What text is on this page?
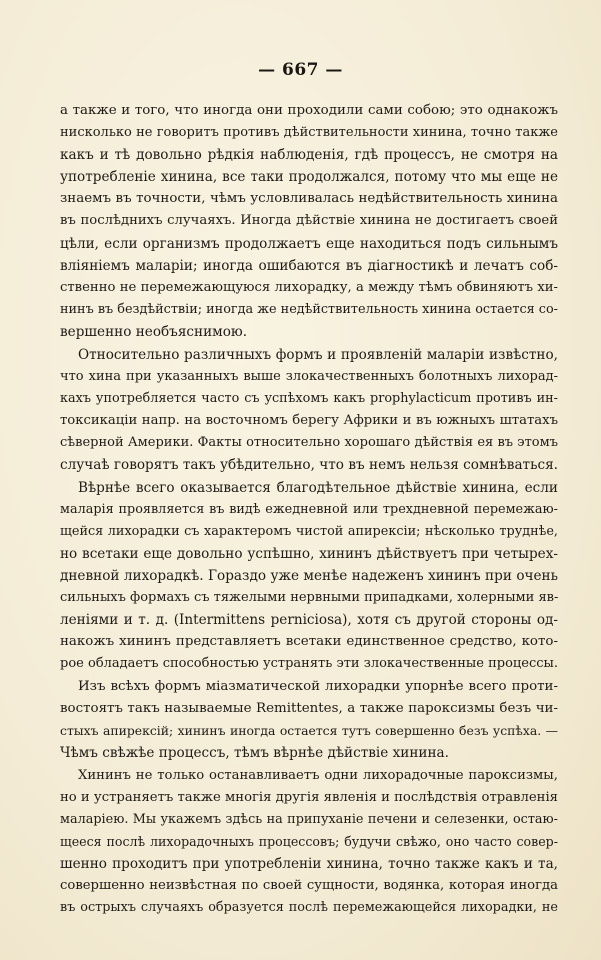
— 667 —

а также и того, что иногда они проходили сами собою; это однакожъ
нисколько не говоритъ противъ дѣйствительности хинина, точно также
какъ и тѣ довольно рѣдкія наблюденія, гдѣ процессъ, не смотря на
употребленіе хинина, все таки продолжался, потому что мы еще не
знаемъ въ точности, чѣмъ условливалась недѣйствительность хинина
въ послѣднихъ случаяхъ. Иногда дѣйствіе хинина не достигаетъ своей
цѣли, если организмъ продолжаетъ еще находиться подъ сильнымъ
вліяніемъ маларіи; иногда ошибаются въ діагностикѣ и лечатъ соб-
ственно не перемежающуюся лихорадку, а между тѣмъ обвиняютъ хи-
нинъ въ бездѣйствіи; иногда же недѣйствительность хинина остается со-
вершенно необъяснимою.

Относительно различныхъ формъ и проявленій маларіи извѣстно,
что хина при указанныхъ выше злокачественныхъ болотныхъ лихорад-
кахъ употребляется часто съ успѣхомъ какъ prophylacticum противъ ин-
токсикаціи напр. на восточномъ берегу Африки и въ южныхъ штатахъ
сѣверной Америки. Факты относительно хорошаго дѣйствія ея въ этомъ
случаѣ говорятъ такъ убѣдительно, что въ немъ нельзя сомнѣваться.

Вѣрнѣе всего оказывается благодѣтельное дѣйствіе хинина, если
маларія проявляется въ видѣ ежедневной или трехдневной перемежаю-
щейся лихорадки съ характеромъ чистой апирексіи; нѣсколько труднѣе,
но всетаки еще довольно успѣшно, хининъ дѣйствуетъ при четырех-
дневной лихорадкѣ. Гораздо уже менѣе надеженъ хининъ при очень
сильныхъ формахъ съ тяжелыми нервными припадками, холерными яв-
леніями и т. д. (Intermittens perniciosa), хотя съ другой стороны од-
накожъ хининъ представляетъ всетаки единственное средство, кото-
рое обладаетъ способностью устранять эти злокачественные процессы.

Изъ всѣхъ формъ міазматической лихорадки упорнѣе всего проти-
востоятъ такъ называемые Remittentes, а также пароксизмы безъ чи-
стыхъ апирексій; хининъ иногда остается тутъ совершенно безъ успѣха. —
Чѣмъ свѣжѣе процессъ, тѣмъ вѣрнѣе дѣйствіе хинина.

Хининъ не только останавливаетъ одни лихорадочные пароксизмы,
но и устраняетъ также многія другія явленія и послѣдствія отравленія
маларіею. Мы укажемъ здѣсь на припуханіе печени и селезенки, остаю-
щееся послѣ лихорадочныхъ процессовъ; будучи свѣжо, оно часто совер-
шенно проходитъ при употребленіи хинина, точно также какъ и та,
совершенно неизвѣстная по своей сущности, водянка, которая иногда
въ острыхъ случаяхъ образуется послѣ перемежающейся лихорадки, не
